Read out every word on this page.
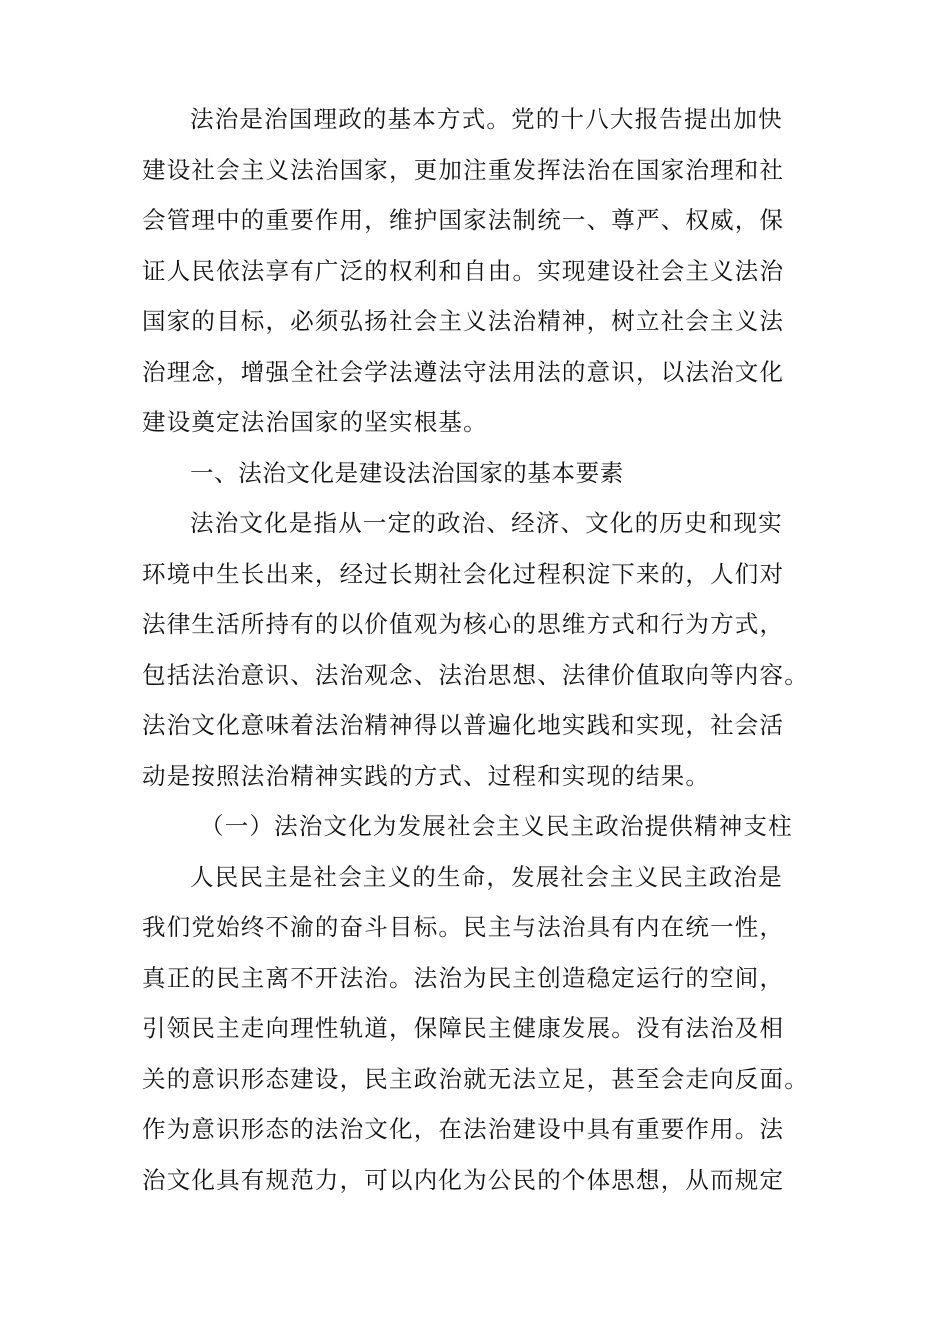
法治是治国理政的基本方式。党的十八大报告提出加快
建设社会主义法治国家，更加注重发挥法治在国家治理和社
会管理中的重要作用，维护国家法制统一、尊严、权威，保
证人民依法享有广泛的权利和自由。实现建设社会主义法治
国家的目标，必须弘扬社会主义法治精神，树立社会主义法
治理念，增强全社会学法遵法守法用法的意识，以法治文化
建设奠定法治国家的坚实根基。
一、法治文化是建设法治国家的基本要素
法治文化是指从一定的政治、经济、文化的历史和现实
环境中生长出来，经过长期社会化过程积淀下来的，人们对
法律生活所持有的以价值观为核心的思维方式和行为方式，
包括法治意识、法治观念、法治思想、法律价值取向等内容。
法治文化意味着法治精神得以普遍化地实践和实现，社会活
动是按照法治精神实践的方式、过程和实现的结果。
（一）法治文化为发展社会主义民主政治提供精神支柱
人民民主是社会主义的生命，发展社会主义民主政治是
我们党始终不渝的奋斗目标。民主与法治具有内在统一性，
真正的民主离不开法治。法治为民主创造稳定运行的空间，
引领民主走向理性轨道，保障民主健康发展。没有法治及相
关的意识形态建设，民主政治就无法立足，甚至会走向反面。
作为意识形态的法治文化，在法治建设中具有重要作用。法
治文化具有规范力，可以内化为公民的个体思想，从而规定
